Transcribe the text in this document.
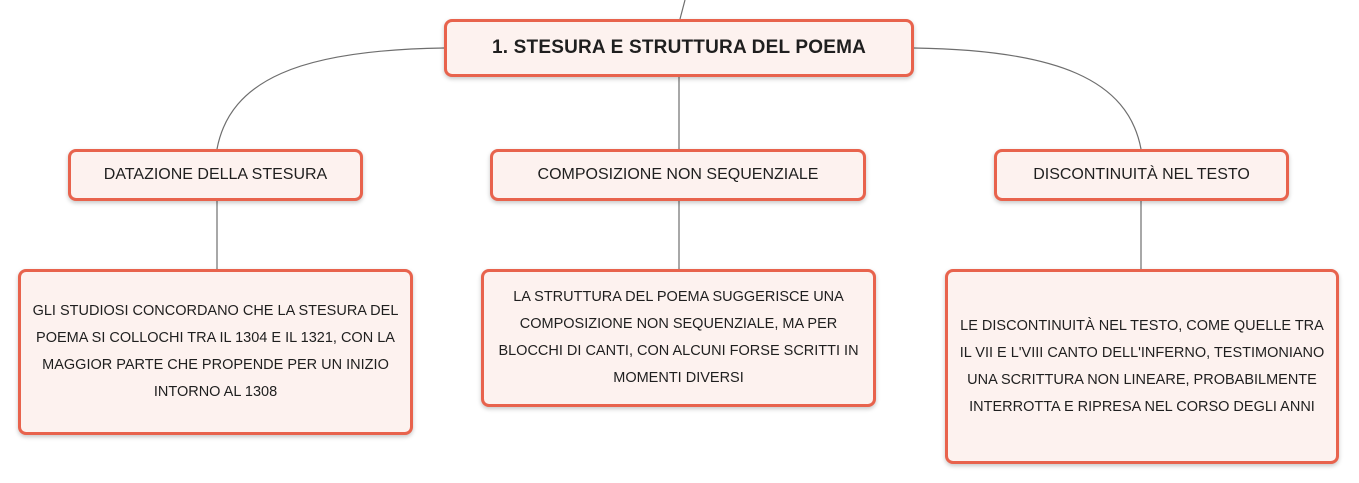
1. STESURA E STRUTTURA DEL POEMA
DATAZIONE DELLA STESURA	COMPOSIZIONE NON SEQUENZIALE	DISCONTINUITÀ NEL TESTO
GLI STUDIOSI CONCORDANO CHE LA STESURA DEL POEMA SI COLLOCHI TRA IL 1304 E IL 1321, CON LA MAGGIOR PARTE CHE PROPENDE PER UN INIZIO INTORNO AL 1308
LA STRUTTURA DEL POEMA SUGGERISCE UNA COMPOSIZIONE NON SEQUENZIALE, MA PER BLOCCHI DI CANTI, CON ALCUNI FORSE SCRITTI IN MOMENTI DIVERSI
LE DISCONTINUITÀ NEL TESTO, COME QUELLE TRA IL VII E L'VIII CANTO DELL'INFERNO, TESTIMONIANO UNA SCRITTURA NON LINEARE, PROBABILMENTE INTERROTTA E RIPRESA NEL CORSO DEGLI ANNI
